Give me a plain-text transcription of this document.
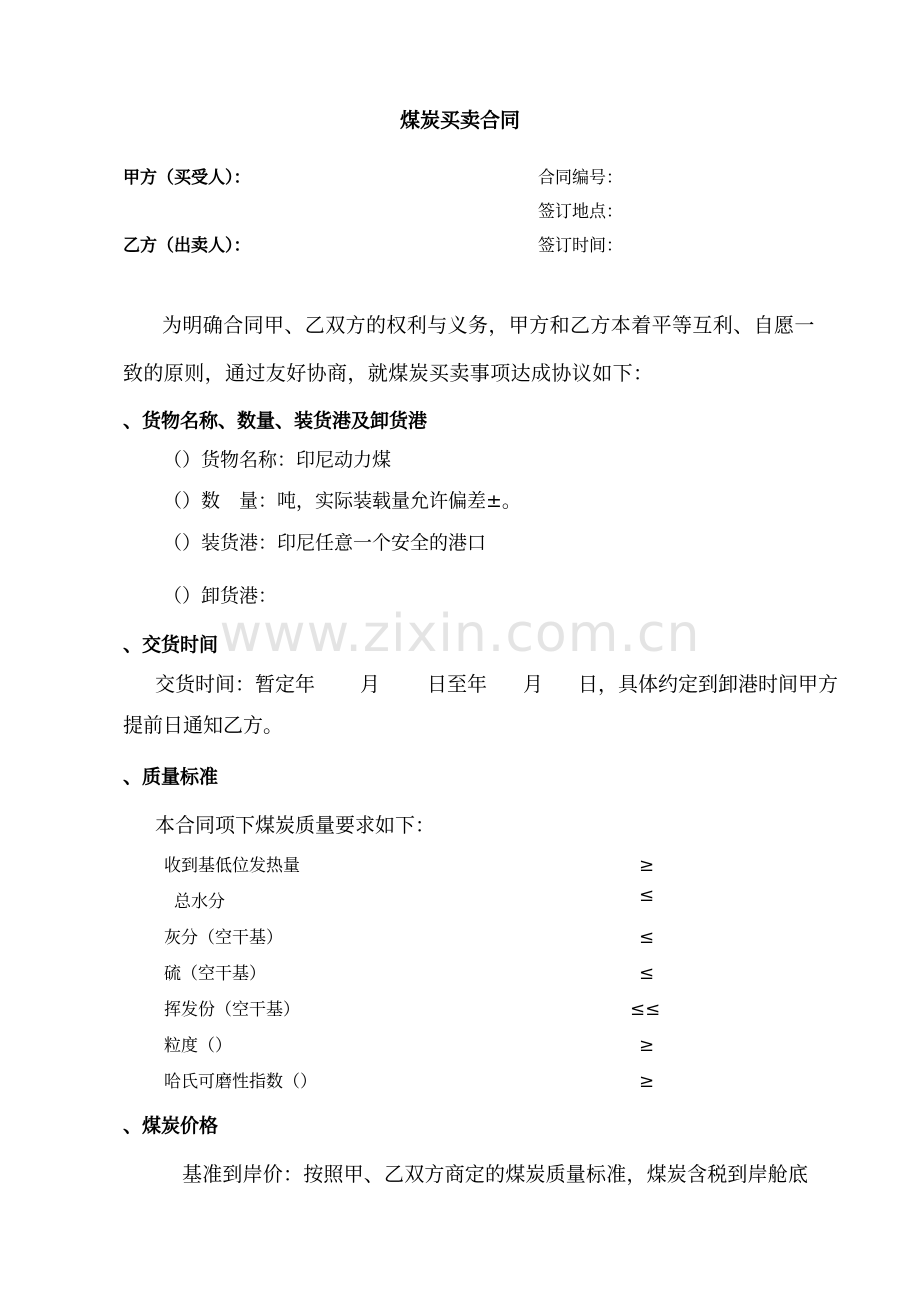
煤炭买卖合同
甲方（买受人）：	合同编号：
签订地点：
乙方（出卖人）：	签订时间：
为明确合同甲、乙双方的权利与义务，甲方和乙方本着平等互利、自愿一
致的原则，通过友好协商，就煤炭买卖事项达成协议如下：
、货物名称、数量、装货港及卸货港
（）货物名称：印尼动力煤
（）数　量：吨，实际装载量允许偏差±。
（）装货港：印尼任意一个安全的港口
（）卸货港：
www.zixin.com.cn
、交货时间
交货时间：暂定年 月 日至年 月 日，具体约定到卸港时间甲方
提前日通知乙方。
、质量标准
本合同项下煤炭质量要求如下：
收到基低位发热量	≥
总水分	≤
灰分（空干基）	≤
硫（空干基）	≤
挥发份（空干基）	≤≤
粒度（）	≥
哈氏可磨性指数（）	≥
、煤炭价格
基准到岸价：按照甲、乙双方商定的煤炭质量标准，煤炭含税到岸舱底
